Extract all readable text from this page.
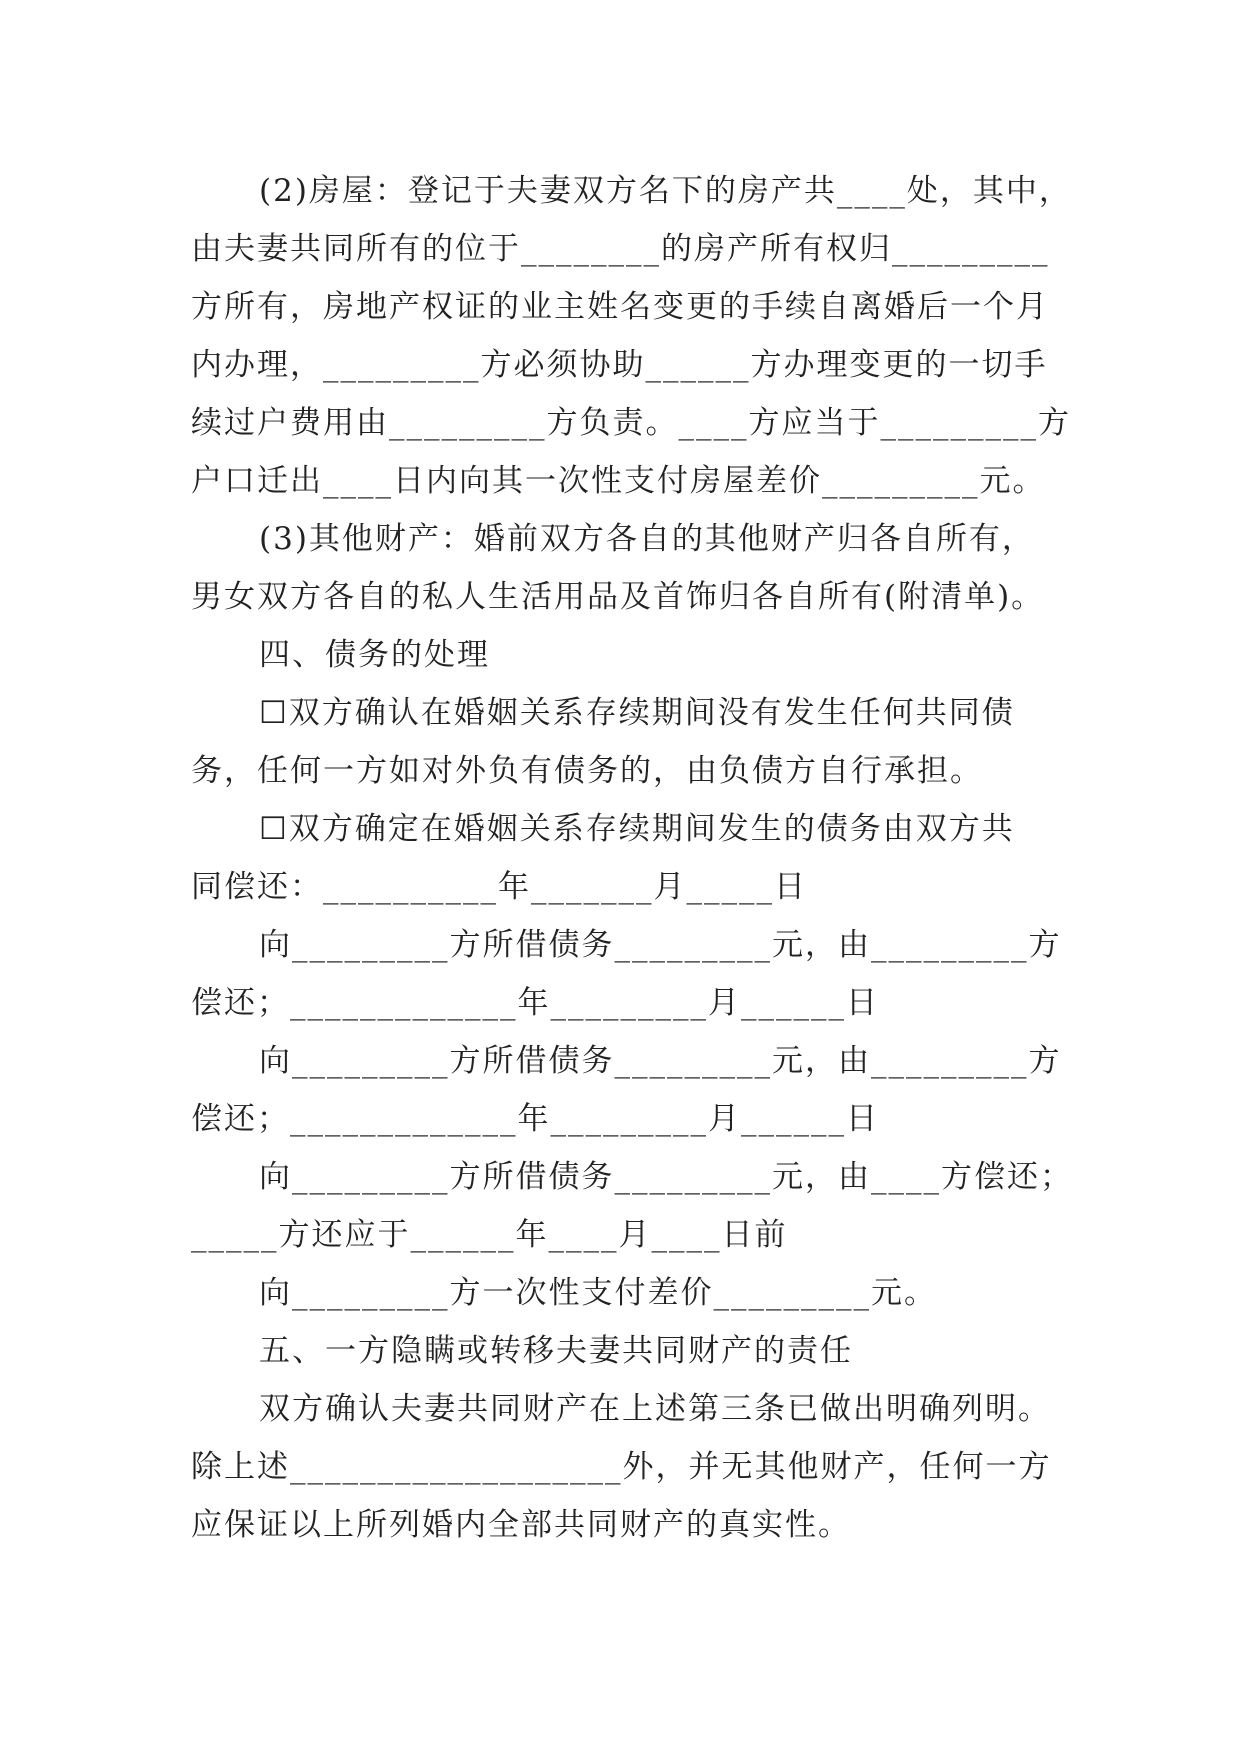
(2)房屋：登记于夫妻双方名下的房产共____处，其中，
由夫妻共同所有的位于________的房产所有权归_________
方所有，房地产权证的业主姓名变更的手续自离婚后一个月
内办理，_________方必须协助______方办理变更的一切手
续过户费用由_________方负责。____方应当于_________方
户口迁出____日内向其一次性支付房屋差价_________元。
(3)其他财产：婚前双方各自的其他财产归各自所有，
男女双方各自的私人生活用品及首饰归各自所有(附清单)。
四、债务的处理
☐双方确认在婚姻关系存续期间没有发生任何共同债
务，任何一方如对外负有债务的，由负债方自行承担。
☐双方确定在婚姻关系存续期间发生的债务由双方共
同偿还：__________年_______月_____日
向_________方所借债务_________元，由_________方
偿还；_____________年_________月______日
向_________方所借债务_________元，由_________方
偿还；_____________年_________月______日
向_________方所借债务_________元，由____方偿还；
_____方还应于______年____月____日前
向_________方一次性支付差价_________元。
五、一方隐瞒或转移夫妻共同财产的责任
双方确认夫妻共同财产在上述第三条已做出明确列明。
除上述___________________外，并无其他财产，任何一方
应保证以上所列婚内全部共同财产的真实性。
